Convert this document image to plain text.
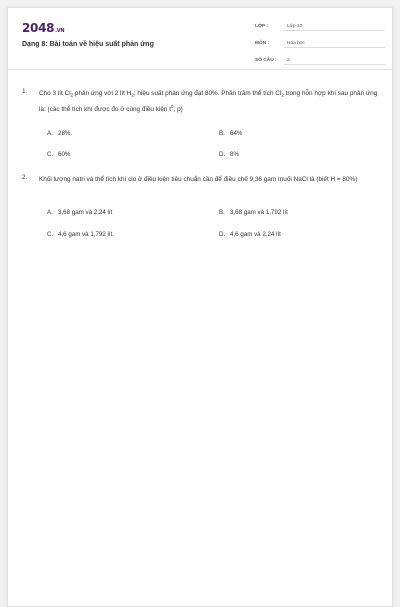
2048.VN
Dạng 8: Bài toán về hiệu suất phản ứng
LỚP :	Lớp 10
MÔN :	Hóa học
SỐ CÂU :	2
1. Cho 3 lít $Cl_2$ phản ứng với 2 lít $H_2$; hiệu suất phản ứng đạt 80%. Phần trăm thể tích $Cl_2$ trong hỗn hợp khí sau phản ứng là: (các thể tích khí được đo ở cùng điều kiện $t^0$, p)
A. 28%.	B. 64%
C. 60%	D. 8%
2. Khối lượng natri và thể tích khí clo ở điều kiện tiêu chuẩn cần để điều chế 9,36 gam muối NaCl là (biết H = 80%)
A. 3,68 gam và 2,24 lít	B. 3,68 gam và 1,792 lít
C. 4,6 gam và 1,792 lít.	D. 4,6 gam và 2,24 lít
